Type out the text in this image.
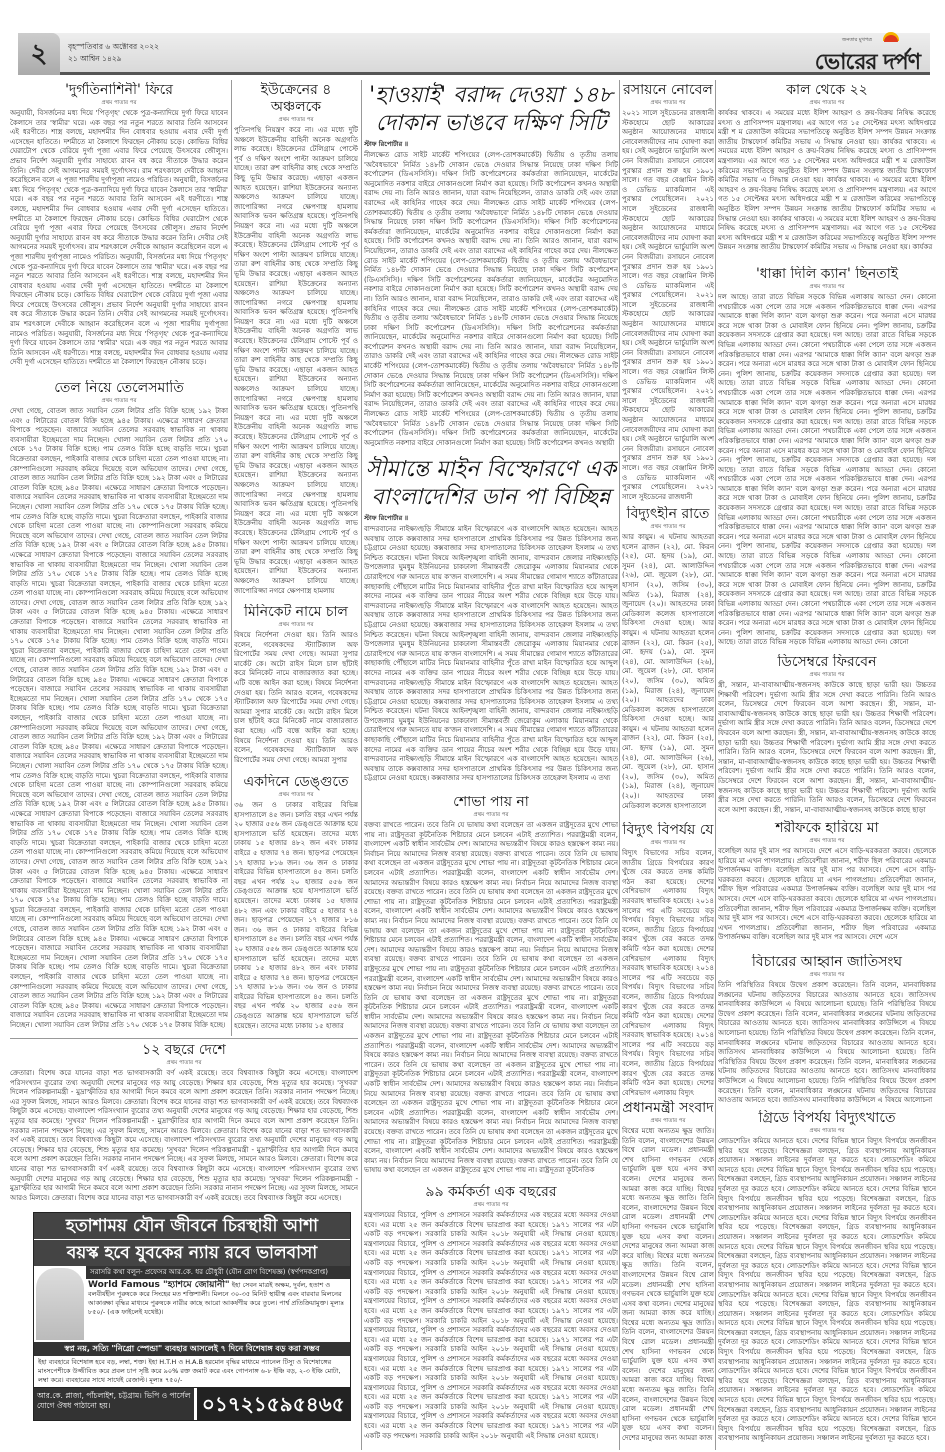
২	বৃহস্পতিবার ৬ অক্টোবর ২০২২
২১ আশ্বিন ১৪২৯
জনতার মুখপত্র
ভোরের দর্পণ
'দুর্গতিনাশিনী' ফিরে
প্রথম পাতার পর
অনুযায়ী, বিসর্জনের মধ্য দিয়ে 'পিতৃগৃহ' থেকে পুত্র-কন্যাদিয়ে দুর্গা ফিরে যাবেন কৈলাসে তার 'স্বামীর' ঘরে। এক বছর পর নতুন শরতে আবার তিনি আসবেন এই ধরণীতে। শাস্ত্র বলছে, মহাদশমীর দিন বোধবার হওয়ায় এবার দেবী দুর্গা এসেছেন হাতিতে। দশমীতে মা কৈলাশে ফিরছেন নৌকায় চড়ে। কোভিড বিধির ঘেরাটোপ থেকে বেরিয়ে দুর্গা পূজা এবার ফিরে পেয়েছে উৎসবের জৌলুস। প্রভাব নির্দেশ অনুযায়ী দুর্গার সাহায্যে রাবন বধ করে সীতাকে উদ্ধার করেন তিনি। দেবীর সেই আগমনের সময়ই দুর্গোৎসব। রাম শরৎকালে দেবীকে আহ্বান করেছিলেন বলে এ পূজা শারদীয় দুর্গাপূজা নামেও পরিচিত। অনুযায়ী, বিসর্জনের মধ্য দিয়ে 'পিতৃগৃহ' থেকে পুত্র-কন্যাদিয়ে দুর্গা ফিরে যাবেন কৈলাসে তার 'স্বামীর' ঘরে। এক বছর পর নতুন শরতে আবার তিনি আসবেন এই ধরণীতে। শাস্ত্র বলছে, মহাদশমীর দিন বোধবার হওয়ায় এবার দেবী দুর্গা এসেছেন হাতিতে। দশমীতে মা কৈলাশে ফিরছেন নৌকায় চড়ে। কোভিড বিধির ঘেরাটোপ থেকে বেরিয়ে দুর্গা পূজা এবার ফিরে পেয়েছে উৎসবের জৌলুস। প্রভাব নির্দেশ অনুযায়ী দুর্গার সাহায্যে রাবন বধ করে সীতাকে উদ্ধার করেন তিনি। দেবীর সেই আগমনের সময়ই দুর্গোৎসব। রাম শরৎকালে দেবীকে আহ্বান করেছিলেন বলে এ পূজা শারদীয় দুর্গাপূজা নামেও পরিচিত। অনুযায়ী, বিসর্জনের মধ্য দিয়ে 'পিতৃগৃহ' থেকে পুত্র-কন্যাদিয়ে দুর্গা ফিরে যাবেন কৈলাসে তার 'স্বামীর' ঘরে। এক বছর পর নতুন শরতে আবার তিনি আসবেন এই ধরণীতে। শাস্ত্র বলছে, মহাদশমীর দিন বোধবার হওয়ায় এবার দেবী দুর্গা এসেছেন হাতিতে। দশমীতে মা কৈলাশে ফিরছেন নৌকায় চড়ে। কোভিড বিধির ঘেরাটোপ থেকে বেরিয়ে দুর্গা পূজা এবার ফিরে পেয়েছে উৎসবের জৌলুস। প্রভাব নির্দেশ অনুযায়ী দুর্গার সাহায্যে রাবন বধ করে সীতাকে উদ্ধার করেন তিনি। দেবীর সেই আগমনের সময়ই দুর্গোৎসব। রাম শরৎকালে দেবীকে আহ্বান করেছিলেন বলে এ পূজা শারদীয় দুর্গাপূজা নামেও পরিচিত। অনুযায়ী, বিসর্জনের মধ্য দিয়ে 'পিতৃগৃহ' থেকে পুত্র-কন্যাদিয়ে দুর্গা ফিরে যাবেন কৈলাসে তার 'স্বামীর' ঘরে। এক বছর পর নতুন শরতে আবার তিনি আসবেন এই ধরণীতে। শাস্ত্র বলছে, মহাদশমীর দিন বোধবার হওয়ায় এবার দেবী দুর্গা এসেছেন হাতিতে। দশমীতে মা কৈলাশে ফিরছেন নৌকায় চড়ে।
ইউক্রেনের ৪ অঞ্চলকে
প্রথম পাতার পর
পুতিনপন্থি নিয়ন্ত্রণ করে না। এর মধ্যে দুটি অঞ্চলে ইউক্রেনীয় বাহিনী অনেক অগ্রগতি লাভ করেছে। ইউক্রেনের টেলিগ্রাম পোস্টে পূর্ব ও দক্ষিণ অংশে পাল্টা আক্রমণ চালিয়ে যাচ্ছে। তারা রুশ বাহিনীর কাছ থেকে সম্প্রতি কিছু ভূমি উদ্ধার করেছে। এছাড়া একজন আহত হয়েছেন। রাশিয়া ইউক্রেনের অন্যান্য অঞ্চলেও আক্রমণ চালিয়ে যাচ্ছে। জাপোরিজ্জা নগরে ক্ষেপণাস্ত্র হামলায় আবাসিক ভবন ক্ষতিগ্রস্ত হয়েছে। পুতিনপন্থি নিয়ন্ত্রণ করে না। এর মধ্যে দুটি অঞ্চলে ইউক্রেনীয় বাহিনী অনেক অগ্রগতি লাভ করেছে। ইউক্রেনের টেলিগ্রাম পোস্টে পূর্ব ও দক্ষিণ অংশে পাল্টা আক্রমণ চালিয়ে যাচ্ছে। তারা রুশ বাহিনীর কাছ থেকে সম্প্রতি কিছু ভূমি উদ্ধার করেছে। এছাড়া একজন আহত হয়েছেন। রাশিয়া ইউক্রেনের অন্যান্য অঞ্চলেও আক্রমণ চালিয়ে যাচ্ছে। জাপোরিজ্জা নগরে ক্ষেপণাস্ত্র হামলায় আবাসিক ভবন ক্ষতিগ্রস্ত হয়েছে। পুতিনপন্থি নিয়ন্ত্রণ করে না। এর মধ্যে দুটি অঞ্চলে ইউক্রেনীয় বাহিনী অনেক অগ্রগতি লাভ করেছে। ইউক্রেনের টেলিগ্রাম পোস্টে পূর্ব ও দক্ষিণ অংশে পাল্টা আক্রমণ চালিয়ে যাচ্ছে। তারা রুশ বাহিনীর কাছ থেকে সম্প্রতি কিছু ভূমি উদ্ধার করেছে। এছাড়া একজন আহত হয়েছেন। রাশিয়া ইউক্রেনের অন্যান্য অঞ্চলেও আক্রমণ চালিয়ে যাচ্ছে। জাপোরিজ্জা নগরে ক্ষেপণাস্ত্র হামলায় আবাসিক ভবন ক্ষতিগ্রস্ত হয়েছে। পুতিনপন্থি নিয়ন্ত্রণ করে না। এর মধ্যে দুটি অঞ্চলে ইউক্রেনীয় বাহিনী অনেক অগ্রগতি লাভ করেছে। ইউক্রেনের টেলিগ্রাম পোস্টে পূর্ব ও দক্ষিণ অংশে পাল্টা আক্রমণ চালিয়ে যাচ্ছে। তারা রুশ বাহিনীর কাছ থেকে সম্প্রতি কিছু ভূমি উদ্ধার করেছে। এছাড়া একজন আহত হয়েছেন। রাশিয়া ইউক্রেনের অন্যান্য অঞ্চলেও আক্রমণ চালিয়ে যাচ্ছে। জাপোরিজ্জা নগরে ক্ষেপণাস্ত্র হামলায় আবাসিক ভবন ক্ষতিগ্রস্ত হয়েছে। পুতিনপন্থি নিয়ন্ত্রণ করে না। এর মধ্যে দুটি অঞ্চলে ইউক্রেনীয় বাহিনী অনেক অগ্রগতি লাভ করেছে। ইউক্রেনের টেলিগ্রাম পোস্টে পূর্ব ও দক্ষিণ অংশে পাল্টা আক্রমণ চালিয়ে যাচ্ছে। তারা রুশ বাহিনীর কাছ থেকে সম্প্রতি কিছু ভূমি উদ্ধার করেছে। এছাড়া একজন আহত হয়েছেন। রাশিয়া ইউক্রেনের অন্যান্য অঞ্চলেও আক্রমণ চালিয়ে যাচ্ছে। জাপোরিজ্জা নগরে ক্ষেপণাস্ত্র হামলায়
তেল নিয়ে তেলেসমাতি
প্রথম পাতার পর
দেখা গেছে, বোতল জাত সয়াবিন তেল লিটার প্রতি বিক্রি হচ্ছে ১৯২ টাকা এবং ৫ লিটারের বোতল বিক্রি হচ্ছে ৯৪৫ টাকায়। এক্ষেত্রে সাধারণ ক্রেতারা বিপাকে পড়েছেন। বাজারে সয়াবিন তেলের সরবরাহ স্বাভাবিক না থাকায় ব্যবসায়ীরা ইচ্ছেমতো দাম নিচ্ছেন। খোলা সয়াবিন তেল লিটার প্রতি ১৭০ থেকে ১৭৫ টাকায় বিক্রি হচ্ছে। পাম তেলও বিক্রি হচ্ছে বাড়তি দামে। খুচরা বিক্রেতারা বলছেন, পাইকারি বাজার থেকে চাহিদা মতো তেল পাওয়া যাচ্ছে না। কোম্পানিগুলো সরবরাহ কমিয়ে দিয়েছে বলে অভিযোগ তাদের। দেখা গেছে, বোতল জাত সয়াবিন তেল লিটার প্রতি বিক্রি হচ্ছে ১৯২ টাকা এবং ৫ লিটারের বোতল বিক্রি হচ্ছে ৯৪৫ টাকায়। এক্ষেত্রে সাধারণ ক্রেতারা বিপাকে পড়েছেন। বাজারে সয়াবিন তেলের সরবরাহ স্বাভাবিক না থাকায় ব্যবসায়ীরা ইচ্ছেমতো দাম নিচ্ছেন। খোলা সয়াবিন তেল লিটার প্রতি ১৭০ থেকে ১৭৫ টাকায় বিক্রি হচ্ছে। পাম তেলও বিক্রি হচ্ছে বাড়তি দামে। খুচরা বিক্রেতারা বলছেন, পাইকারি বাজার থেকে চাহিদা মতো তেল পাওয়া যাচ্ছে না। কোম্পানিগুলো সরবরাহ কমিয়ে দিয়েছে বলে অভিযোগ তাদের। দেখা গেছে, বোতল জাত সয়াবিন তেল লিটার প্রতি বিক্রি হচ্ছে ১৯২ টাকা এবং ৫ লিটারের বোতল বিক্রি হচ্ছে ৯৪৫ টাকায়। এক্ষেত্রে সাধারণ ক্রেতারা বিপাকে পড়েছেন। বাজারে সয়াবিন তেলের সরবরাহ স্বাভাবিক না থাকায় ব্যবসায়ীরা ইচ্ছেমতো দাম নিচ্ছেন। খোলা সয়াবিন তেল লিটার প্রতি ১৭০ থেকে ১৭৫ টাকায় বিক্রি হচ্ছে। পাম তেলও বিক্রি হচ্ছে বাড়তি দামে। খুচরা বিক্রেতারা বলছেন, পাইকারি বাজার থেকে চাহিদা মতো তেল পাওয়া যাচ্ছে না। কোম্পানিগুলো সরবরাহ কমিয়ে দিয়েছে বলে অভিযোগ তাদের। দেখা গেছে, বোতল জাত সয়াবিন তেল লিটার প্রতি বিক্রি হচ্ছে ১৯২ টাকা এবং ৫ লিটারের বোতল বিক্রি হচ্ছে ৯৪৫ টাকায়। এক্ষেত্রে সাধারণ ক্রেতারা বিপাকে পড়েছেন। বাজারে সয়াবিন তেলের সরবরাহ স্বাভাবিক না থাকায় ব্যবসায়ীরা ইচ্ছেমতো দাম নিচ্ছেন। খোলা সয়াবিন তেল লিটার প্রতি ১৭০ থেকে ১৭৫ টাকায় বিক্রি হচ্ছে। পাম তেলও বিক্রি হচ্ছে বাড়তি দামে। খুচরা বিক্রেতারা বলছেন, পাইকারি বাজার থেকে চাহিদা মতো তেল পাওয়া যাচ্ছে না। কোম্পানিগুলো সরবরাহ কমিয়ে দিয়েছে বলে অভিযোগ তাদের। দেখা গেছে, বোতল জাত সয়াবিন তেল লিটার প্রতি বিক্রি হচ্ছে ১৯২ টাকা এবং ৫ লিটারের বোতল বিক্রি হচ্ছে ৯৪৫ টাকায়। এক্ষেত্রে সাধারণ ক্রেতারা বিপাকে পড়েছেন। বাজারে সয়াবিন তেলের সরবরাহ স্বাভাবিক না থাকায় ব্যবসায়ীরা ইচ্ছেমতো দাম নিচ্ছেন। খোলা সয়াবিন তেল লিটার প্রতি ১৭০ থেকে ১৭৫ টাকায় বিক্রি হচ্ছে। পাম তেলও বিক্রি হচ্ছে বাড়তি দামে। খুচরা বিক্রেতারা বলছেন, পাইকারি বাজার থেকে চাহিদা মতো তেল পাওয়া যাচ্ছে না। কোম্পানিগুলো সরবরাহ কমিয়ে দিয়েছে বলে অভিযোগ তাদের। দেখা গেছে, বোতল জাত সয়াবিন তেল লিটার প্রতি বিক্রি হচ্ছে ১৯২ টাকা এবং ৫ লিটারের বোতল বিক্রি হচ্ছে ৯৪৫ টাকায়। এক্ষেত্রে সাধারণ ক্রেতারা বিপাকে পড়েছেন। বাজারে সয়াবিন তেলের সরবরাহ স্বাভাবিক না থাকায় ব্যবসায়ীরা ইচ্ছেমতো দাম নিচ্ছেন। খোলা সয়াবিন তেল লিটার প্রতি ১৭০ থেকে ১৭৫ টাকায় বিক্রি হচ্ছে। পাম তেলও বিক্রি হচ্ছে বাড়তি দামে। খুচরা বিক্রেতারা বলছেন, পাইকারি বাজার থেকে চাহিদা মতো তেল পাওয়া যাচ্ছে না। কোম্পানিগুলো সরবরাহ কমিয়ে দিয়েছে বলে অভিযোগ তাদের। দেখা গেছে, বোতল জাত সয়াবিন তেল লিটার প্রতি বিক্রি হচ্ছে ১৯২ টাকা এবং ৫ লিটারের বোতল বিক্রি হচ্ছে ৯৪৫ টাকায়। এক্ষেত্রে সাধারণ ক্রেতারা বিপাকে পড়েছেন। বাজারে সয়াবিন তেলের সরবরাহ স্বাভাবিক না থাকায় ব্যবসায়ীরা ইচ্ছেমতো দাম নিচ্ছেন। খোলা সয়াবিন তেল লিটার প্রতি ১৭০ থেকে ১৭৫ টাকায় বিক্রি হচ্ছে। পাম তেলও বিক্রি হচ্ছে বাড়তি দামে। খুচরা বিক্রেতারা বলছেন, পাইকারি বাজার থেকে চাহিদা মতো তেল পাওয়া যাচ্ছে না। কোম্পানিগুলো সরবরাহ কমিয়ে দিয়েছে বলে অভিযোগ তাদের। দেখা গেছে, বোতল জাত সয়াবিন তেল লিটার প্রতি বিক্রি হচ্ছে ১৯২ টাকা এবং ৫ লিটারের বোতল বিক্রি হচ্ছে ৯৪৫ টাকায়। এক্ষেত্রে সাধারণ ক্রেতারা বিপাকে পড়েছেন। বাজারে সয়াবিন তেলের সরবরাহ স্বাভাবিক না থাকায় ব্যবসায়ীরা ইচ্ছেমতো দাম নিচ্ছেন। খোলা সয়াবিন তেল লিটার প্রতি ১৭০ থেকে ১৭৫ টাকায় বিক্রি হচ্ছে। পাম তেলও বিক্রি হচ্ছে বাড়তি দামে। খুচরা বিক্রেতারা বলছেন, পাইকারি বাজার থেকে চাহিদা মতো তেল পাওয়া যাচ্ছে না। কোম্পানিগুলো সরবরাহ কমিয়ে দিয়েছে বলে অভিযোগ তাদের। দেখা গেছে, বোতল জাত সয়াবিন তেল লিটার প্রতি বিক্রি হচ্ছে ১৯২ টাকা এবং ৫ লিটারের বোতল বিক্রি হচ্ছে ৯৪৫ টাকায়। এক্ষেত্রে সাধারণ ক্রেতারা বিপাকে পড়েছেন। বাজারে সয়াবিন তেলের সরবরাহ স্বাভাবিক না থাকায় ব্যবসায়ীরা ইচ্ছেমতো দাম নিচ্ছেন। খোলা সয়াবিন তেল লিটার প্রতি ১৭০ থেকে ১৭৫ টাকায় বিক্রি হচ্ছে। পাম তেলও বিক্রি হচ্ছে বাড়তি দামে। খুচরা বিক্রেতারা বলছেন, পাইকারি বাজার থেকে চাহিদা মতো তেল পাওয়া যাচ্ছে না। কোম্পানিগুলো সরবরাহ কমিয়ে দিয়েছে বলে অভিযোগ তাদের। দেখা গেছে, বোতল জাত সয়াবিন তেল লিটার প্রতি বিক্রি হচ্ছে ১৯২ টাকা এবং ৫ লিটারের বোতল বিক্রি হচ্ছে ৯৪৫ টাকায়। এক্ষেত্রে সাধারণ ক্রেতারা বিপাকে পড়েছেন। বাজারে সয়াবিন তেলের সরবরাহ স্বাভাবিক না থাকায় ব্যবসায়ীরা ইচ্ছেমতো দাম নিচ্ছেন। খোলা সয়াবিন তেল লিটার প্রতি ১৭০ থেকে ১৭৫ টাকায় বিক্রি হচ্ছে।
মিনিকেট নামে চাল
প্রথম পাতার পর
বিষয়ে নির্দেশনা দেওয়া হয়। তিনি আরও বলেন, গবেষকদের স্ট্যাটিক্যাল অফ রিপোর্টের সময় দেখা গেছে। আমরা সুপার মার্কেট কে। অটো রাইস মিলে চাল ছাঁটাই করে মিনিকেট নামে বাজারজাত করা হচ্ছে। এটি বন্ধে আইন করা হচ্ছে। বিষয়ে নির্দেশনা দেওয়া হয়। তিনি আরও বলেন, গবেষকদের স্ট্যাটিক্যাল অফ রিপোর্টের সময় দেখা গেছে। আমরা সুপার মার্কেট কে। অটো রাইস মিলে চাল ছাঁটাই করে মিনিকেট নামে বাজারজাত করা হচ্ছে। এটি বন্ধে আইন করা হচ্ছে। বিষয়ে নির্দেশনা দেওয়া হয়। তিনি আরও বলেন, গবেষকদের স্ট্যাটিক্যাল অফ রিপোর্টের সময় দেখা গেছে। আমরা সুপার
একদিনে ডেঙ্গুতে
প্রথম পাতার পর
৩৬ জন ও ঢাকার বাইরের বিভিন্ন হাসপাতালে ৪৫ জন। চলতি বছর এখন পর্যন্ত ২০ হাজার ৫৫৬ জন ডেঙ্গুতে আক্রান্ত হয়ে হাসপাতালে ভর্তি হয়েছেন। তাদের মধ্যে ঢাকায় ১৫ হাজার ৪৮২ জন এবং ঢাকার বাইরে ৫ হাজার ৭৪ জন। ছাড়পত্র পেয়েছেন ১৭ হাজার ৮১৬ জন। ৩৬ জন ও ঢাকার বাইরের বিভিন্ন হাসপাতালে ৪৫ জন। চলতি বছর এখন পর্যন্ত ২০ হাজার ৫৫৬ জন ডেঙ্গুতে আক্রান্ত হয়ে হাসপাতালে ভর্তি হয়েছেন। তাদের মধ্যে ঢাকায় ১৫ হাজার ৪৮২ জন এবং ঢাকার বাইরে ৫ হাজার ৭৪ জন। ছাড়পত্র পেয়েছেন ১৭ হাজার ৮১৬ জন। ৩৬ জন ও ঢাকার বাইরের বিভিন্ন হাসপাতালে ৪৫ জন। চলতি বছর এখন পর্যন্ত ২০ হাজার ৫৫৬ জন ডেঙ্গুতে আক্রান্ত হয়ে হাসপাতালে ভর্তি হয়েছেন। তাদের মধ্যে ঢাকায় ১৫ হাজার ৪৮২ জন এবং ঢাকার বাইরে ৫ হাজার ৭৪ জন। ছাড়পত্র পেয়েছেন ১৭ হাজার ৮১৬ জন। ৩৬ জন ও ঢাকার বাইরের বিভিন্ন হাসপাতালে ৪৫ জন। চলতি বছর এখন পর্যন্ত ২০ হাজার ৫৫৬ জন ডেঙ্গুতে আক্রান্ত হয়ে হাসপাতালে ভর্তি হয়েছেন। তাদের মধ্যে ঢাকায় ১৫ হাজার
১২ বছরে দেশে
প্রথম পাতার পর
ক্রেতারা। বিশেষ করে যানের বাড়া শত ভাগবাসকারী বর্ণ একই রয়েছে। তবে বিশ্বব্যাংক কিছুটা কমে এসেছে। বাংলাদেশ পরিসংখ্যান ব্যুরোর তথ্য অনুযায়ী দেশের মানুষের গড় আয়ু বেড়েছে। শিক্ষার হার বেড়েছে, শিশু মৃত্যুর হার কমেছে। 'সুখবর' দিলেন পরিকল্পনামন্ত্রী - মুদ্রাস্ফীতির হার আগামী দিনে কমবে বলে আশা প্রকাশ করেছেন তিনি। সরকার নানান পদক্ষেপ নিচ্ছে। এর সুফল মিলছে, সামনে আরও মিলবে। ক্রেতারা। বিশেষ করে যানের বাড়া শত ভাগবাসকারী বর্ণ একই রয়েছে। তবে বিশ্বব্যাংক কিছুটা কমে এসেছে। বাংলাদেশ পরিসংখ্যান ব্যুরোর তথ্য অনুযায়ী দেশের মানুষের গড় আয়ু বেড়েছে। শিক্ষার হার বেড়েছে, শিশু মৃত্যুর হার কমেছে। 'সুখবর' দিলেন পরিকল্পনামন্ত্রী - মুদ্রাস্ফীতির হার আগামী দিনে কমবে বলে আশা প্রকাশ করেছেন তিনি। সরকার নানান পদক্ষেপ নিচ্ছে। এর সুফল মিলছে, সামনে আরও মিলবে। ক্রেতারা। বিশেষ করে যানের বাড়া শত ভাগবাসকারী বর্ণ একই রয়েছে। তবে বিশ্বব্যাংক কিছুটা কমে এসেছে। বাংলাদেশ পরিসংখ্যান ব্যুরোর তথ্য অনুযায়ী দেশের মানুষের গড় আয়ু বেড়েছে। শিক্ষার হার বেড়েছে, শিশু মৃত্যুর হার কমেছে। 'সুখবর' দিলেন পরিকল্পনামন্ত্রী - মুদ্রাস্ফীতির হার আগামী দিনে কমবে বলে আশা প্রকাশ করেছেন তিনি। সরকার নানান পদক্ষেপ নিচ্ছে। এর সুফল মিলছে, সামনে আরও মিলবে। ক্রেতারা। বিশেষ করে যানের বাড়া শত ভাগবাসকারী বর্ণ একই রয়েছে। তবে বিশ্বব্যাংক কিছুটা কমে এসেছে। বাংলাদেশ পরিসংখ্যান ব্যুরোর তথ্য অনুযায়ী দেশের মানুষের গড় আয়ু বেড়েছে। শিক্ষার হার বেড়েছে, শিশু মৃত্যুর হার কমেছে। 'সুখবর' দিলেন পরিকল্পনামন্ত্রী - মুদ্রাস্ফীতির হার আগামী দিনে কমবে বলে আশা প্রকাশ করেছেন তিনি। সরকার নানান পদক্ষেপ নিচ্ছে। এর সুফল মিলছে, সামনে আরও মিলবে। ক্রেতারা। বিশেষ করে যানের বাড়া শত ভাগবাসকারী বর্ণ একই রয়েছে। তবে বিশ্বব্যাংক কিছুটা কমে এসেছে।
'হাওয়াই' বরাদ্দ দেওয়া ১৪৮ দোকান ভাঙবে দক্ষিণ সিটি
স্টাফ রিপোর্টার ॥
নীলক্ষেত রোড সাইট মার্কেট শপিংয়ের (লেপ-তোশকমার্কেট) দ্বিতীয় ও তৃতীয় তলায় 'অবৈধভাবে' নির্মিত ১৪৮টি দোকান ভেঙে দেওয়ার সিদ্ধান্ত নিয়েছে ঢাকা দক্ষিণ সিটি কর্পোরেশন (ডিএসসিসি)। দক্ষিণ সিটি কর্পোরেশনের কর্মকর্তারা জানিয়েছেন, মার্কেটের অনুমোদিত নকশার বাইরে দোকানগুলো নির্মাণ করা হয়েছে। সিটি কর্পোরেশন কখনও অস্থায়ী বরাদ্দ দেয় না। তিনি আরও জানান, যারা বরাদ্দ নিয়েছিলেন, তারাও ডাকরি দেই এবং তারা বরাদ্দের এই কাহিনির গাহেব করে দেয়। নীলক্ষেত রোড সাইট মার্কেট শপিংয়ের (লেপ-তোশকমার্কেট) দ্বিতীয় ও তৃতীয় তলায় 'অবৈধভাবে' নির্মিত ১৪৮টি দোকান ভেঙে দেওয়ার সিদ্ধান্ত নিয়েছে ঢাকা দক্ষিণ সিটি কর্পোরেশন (ডিএসসিসি)। দক্ষিণ সিটি কর্পোরেশনের কর্মকর্তারা জানিয়েছেন, মার্কেটের অনুমোদিত নকশার বাইরে দোকানগুলো নির্মাণ করা হয়েছে। সিটি কর্পোরেশন কখনও অস্থায়ী বরাদ্দ দেয় না। তিনি আরও জানান, যারা বরাদ্দ নিয়েছিলেন, তারাও ডাকরি দেই এবং তারা বরাদ্দের এই কাহিনির গাহেব করে দেয়। নীলক্ষেত রোড সাইট মার্কেট শপিংয়ের (লেপ-তোশকমার্কেট) দ্বিতীয় ও তৃতীয় তলায় 'অবৈধভাবে' নির্মিত ১৪৮টি দোকান ভেঙে দেওয়ার সিদ্ধান্ত নিয়েছে ঢাকা দক্ষিণ সিটি কর্পোরেশন (ডিএসসিসি)। দক্ষিণ সিটি কর্পোরেশনের কর্মকর্তারা জানিয়েছেন, মার্কেটের অনুমোদিত নকশার বাইরে দোকানগুলো নির্মাণ করা হয়েছে। সিটি কর্পোরেশন কখনও অস্থায়ী বরাদ্দ দেয় না। তিনি আরও জানান, যারা বরাদ্দ নিয়েছিলেন, তারাও ডাকরি দেই এবং তারা বরাদ্দের এই কাহিনির গাহেব করে দেয়। নীলক্ষেত রোড সাইট মার্কেট শপিংয়ের (লেপ-তোশকমার্কেট) দ্বিতীয় ও তৃতীয় তলায় 'অবৈধভাবে' নির্মিত ১৪৮টি দোকান ভেঙে দেওয়ার সিদ্ধান্ত নিয়েছে ঢাকা দক্ষিণ সিটি কর্পোরেশন (ডিএসসিসি)। দক্ষিণ সিটি কর্পোরেশনের কর্মকর্তারা জানিয়েছেন, মার্কেটের অনুমোদিত নকশার বাইরে দোকানগুলো নির্মাণ করা হয়েছে। সিটি কর্পোরেশন কখনও অস্থায়ী বরাদ্দ দেয় না। তিনি আরও জানান, যারা বরাদ্দ নিয়েছিলেন, তারাও ডাকরি দেই এবং তারা বরাদ্দের এই কাহিনির গাহেব করে দেয়। নীলক্ষেত রোড সাইট মার্কেট শপিংয়ের (লেপ-তোশকমার্কেট) দ্বিতীয় ও তৃতীয় তলায় 'অবৈধভাবে' নির্মিত ১৪৮টি দোকান ভেঙে দেওয়ার সিদ্ধান্ত নিয়েছে ঢাকা দক্ষিণ সিটি কর্পোরেশন (ডিএসসিসি)। দক্ষিণ সিটি কর্পোরেশনের কর্মকর্তারা জানিয়েছেন, মার্কেটের অনুমোদিত নকশার বাইরে দোকানগুলো নির্মাণ করা হয়েছে। সিটি কর্পোরেশন কখনও অস্থায়ী বরাদ্দ দেয় না। তিনি আরও জানান, যারা বরাদ্দ নিয়েছিলেন, তারাও ডাকরি দেই এবং তারা বরাদ্দের এই কাহিনির গাহেব করে দেয়। নীলক্ষেত রোড সাইট মার্কেট শপিংয়ের (লেপ-তোশকমার্কেট) দ্বিতীয় ও তৃতীয় তলায় 'অবৈধভাবে' নির্মিত ১৪৮টি দোকান ভেঙে দেওয়ার সিদ্ধান্ত নিয়েছে ঢাকা দক্ষিণ সিটি কর্পোরেশন (ডিএসসিসি)। দক্ষিণ সিটি কর্পোরেশনের কর্মকর্তারা জানিয়েছেন, মার্কেটের অনুমোদিত নকশার বাইরে দোকানগুলো নির্মাণ করা হয়েছে। সিটি কর্পোরেশন কখনও অস্থায়ী
সীমান্তে মাইন বিস্ফোরণে এক বাংলাদেশির ডান পা বিচ্ছিন্ন
স্টাফ রিপোর্টার ॥
বান্দরবানের নাইক্ষ্যংছড়ি সীমান্তে মাইন বিস্ফোরণে এক বাংলাদেশি আহত হয়েছেন। আহত অবস্থায় তাকে কক্সবাজার সদর হাসপাতালে প্রাথমিক চিকিৎসার পর উন্নত চিকিৎসার জন্য চট্টগ্রামে নেওয়া হয়েছে। কক্সবাজার সদর হাসপাতালের চিকিৎসক তাহেরুল ইসলাম এ তথ্য নিশ্চিত করেছেন। ঘটনা বিষয়ে আইনশৃঙ্খলা বাহিনী জানায়, বান্দরবান জেলার নাইক্ষ্যংছড়ি উপজেলার ঘুমধুম ইউনিয়নের চাকঢালা সীমান্তবর্তী জেরোকুম এলাকায় মিয়ানমার থেকে চোরাইপথে গরু আনতে যায় ক'জন বাংলাদেশি। এ সময় সীমান্তের গোমাগ শ্যাতে কাঁটাতারের কাছাকাছি পৌঁছালে মাটির নিচে মিয়ানমার বাহিনীর পুঁতে রাখা মাইন বিস্ফোরিত হয়ে আব্দুল কাদের নামের এক ব্যক্তির ডান পায়ের নীচের অংশ শরীর থেকে বিচ্ছিন্ন হয়ে উড়ে যায়। বান্দরবানের নাইক্ষ্যংছড়ি সীমান্তে মাইন বিস্ফোরণে এক বাংলাদেশি আহত হয়েছেন। আহত অবস্থায় তাকে কক্সবাজার সদর হাসপাতালে প্রাথমিক চিকিৎসার পর উন্নত চিকিৎসার জন্য চট্টগ্রামে নেওয়া হয়েছে। কক্সবাজার সদর হাসপাতালের চিকিৎসক তাহেরুল ইসলাম এ তথ্য নিশ্চিত করেছেন। ঘটনা বিষয়ে আইনশৃঙ্খলা বাহিনী জানায়, বান্দরবান জেলার নাইক্ষ্যংছড়ি উপজেলার ঘুমধুম ইউনিয়নের চাকঢালা সীমান্তবর্তী জেরোকুম এলাকায় মিয়ানমার থেকে চোরাইপথে গরু আনতে যায় ক'জন বাংলাদেশি। এ সময় সীমান্তের গোমাগ শ্যাতে কাঁটাতারের কাছাকাছি পৌঁছালে মাটির নিচে মিয়ানমার বাহিনীর পুঁতে রাখা মাইন বিস্ফোরিত হয়ে আব্দুল কাদের নামের এক ব্যক্তির ডান পায়ের নীচের অংশ শরীর থেকে বিচ্ছিন্ন হয়ে উড়ে যায়। বান্দরবানের নাইক্ষ্যংছড়ি সীমান্তে মাইন বিস্ফোরণে এক বাংলাদেশি আহত হয়েছেন। আহত অবস্থায় তাকে কক্সবাজার সদর হাসপাতালে প্রাথমিক চিকিৎসার পর উন্নত চিকিৎসার জন্য চট্টগ্রামে নেওয়া হয়েছে। কক্সবাজার সদর হাসপাতালের চিকিৎসক তাহেরুল ইসলাম এ তথ্য নিশ্চিত করেছেন। ঘটনা বিষয়ে আইনশৃঙ্খলা বাহিনী জানায়, বান্দরবান জেলার নাইক্ষ্যংছড়ি উপজেলার ঘুমধুম ইউনিয়নের চাকঢালা সীমান্তবর্তী জেরোকুম এলাকায় মিয়ানমার থেকে চোরাইপথে গরু আনতে যায় ক'জন বাংলাদেশি। এ সময় সীমান্তের গোমাগ শ্যাতে কাঁটাতারের কাছাকাছি পৌঁছালে মাটির নিচে মিয়ানমার বাহিনীর পুঁতে রাখা মাইন বিস্ফোরিত হয়ে আব্দুল কাদের নামের এক ব্যক্তির ডান পায়ের নীচের অংশ শরীর থেকে বিচ্ছিন্ন হয়ে উড়ে যায়। বান্দরবানের নাইক্ষ্যংছড়ি সীমান্তে মাইন বিস্ফোরণে এক বাংলাদেশি আহত হয়েছেন। আহত অবস্থায় তাকে কক্সবাজার সদর হাসপাতালে প্রাথমিক চিকিৎসার পর উন্নত চিকিৎসার জন্য চট্টগ্রামে নেওয়া হয়েছে। কক্সবাজার সদর হাসপাতালের চিকিৎসক তাহেরুল ইসলাম এ তথ্য
শোভা পায় না
প্রথম পাতার পর
বক্তব্য রাখতে পারেন। তবে তিনি যে ভাষায় কথা বলেছেন তা একজন রাষ্ট্রদূতের মুখে শোভা পায় না। রাষ্ট্রদূতরা কূটনৈতিক শিষ্টাচার মেনে চলবেন এটাই প্রত্যাশিত। পররাষ্ট্রমন্ত্রী বলেন, বাংলাদেশ একটি স্বাধীন সার্বভৌম দেশ। আমাদের অভ্যন্তরীণ বিষয়ে কারও হস্তক্ষেপ কাম্য নয়। নির্বাচন নিয়ে আমাদের নিজস্ব ব্যবস্থা রয়েছে। বক্তব্য রাখতে পারেন। তবে তিনি যে ভাষায় কথা বলেছেন তা একজন রাষ্ট্রদূতের মুখে শোভা পায় না। রাষ্ট্রদূতরা কূটনৈতিক শিষ্টাচার মেনে চলবেন এটাই প্রত্যাশিত। পররাষ্ট্রমন্ত্রী বলেন, বাংলাদেশ একটি স্বাধীন সার্বভৌম দেশ। আমাদের অভ্যন্তরীণ বিষয়ে কারও হস্তক্ষেপ কাম্য নয়। নির্বাচন নিয়ে আমাদের নিজস্ব ব্যবস্থা রয়েছে। বক্তব্য রাখতে পারেন। তবে তিনি যে ভাষায় কথা বলেছেন তা একজন রাষ্ট্রদূতের মুখে শোভা পায় না। রাষ্ট্রদূতরা কূটনৈতিক শিষ্টাচার মেনে চলবেন এটাই প্রত্যাশিত। পররাষ্ট্রমন্ত্রী বলেন, বাংলাদেশ একটি স্বাধীন সার্বভৌম দেশ। আমাদের অভ্যন্তরীণ বিষয়ে কারও হস্তক্ষেপ কাম্য নয়। নির্বাচন নিয়ে আমাদের নিজস্ব ব্যবস্থা রয়েছে। বক্তব্য রাখতে পারেন। তবে তিনি যে ভাষায় কথা বলেছেন তা একজন রাষ্ট্রদূতের মুখে শোভা পায় না। রাষ্ট্রদূতরা কূটনৈতিক শিষ্টাচার মেনে চলবেন এটাই প্রত্যাশিত। পররাষ্ট্রমন্ত্রী বলেন, বাংলাদেশ একটি স্বাধীন সার্বভৌম দেশ। আমাদের অভ্যন্তরীণ বিষয়ে কারও হস্তক্ষেপ কাম্য নয়। নির্বাচন নিয়ে আমাদের নিজস্ব ব্যবস্থা রয়েছে। বক্তব্য রাখতে পারেন। তবে তিনি যে ভাষায় কথা বলেছেন তা একজন রাষ্ট্রদূতের মুখে শোভা পায় না। রাষ্ট্রদূতরা কূটনৈতিক শিষ্টাচার মেনে চলবেন এটাই প্রত্যাশিত। পররাষ্ট্রমন্ত্রী বলেন, বাংলাদেশ একটি স্বাধীন সার্বভৌম দেশ। আমাদের অভ্যন্তরীণ বিষয়ে কারও হস্তক্ষেপ কাম্য নয়। নির্বাচন নিয়ে আমাদের নিজস্ব ব্যবস্থা রয়েছে। বক্তব্য রাখতে পারেন। তবে তিনি যে ভাষায় কথা বলেছেন তা একজন রাষ্ট্রদূতের মুখে শোভা পায় না। রাষ্ট্রদূতরা কূটনৈতিক শিষ্টাচার মেনে চলবেন এটাই প্রত্যাশিত। পররাষ্ট্রমন্ত্রী বলেন, বাংলাদেশ একটি স্বাধীন সার্বভৌম দেশ। আমাদের অভ্যন্তরীণ বিষয়ে কারও হস্তক্ষেপ কাম্য নয়। নির্বাচন নিয়ে আমাদের নিজস্ব ব্যবস্থা রয়েছে। বক্তব্য রাখতে পারেন। তবে তিনি যে ভাষায় কথা বলেছেন তা একজন রাষ্ট্রদূতের মুখে শোভা পায় না। রাষ্ট্রদূতরা কূটনৈতিক শিষ্টাচার মেনে চলবেন এটাই প্রত্যাশিত। পররাষ্ট্রমন্ত্রী বলেন, বাংলাদেশ একটি স্বাধীন সার্বভৌম দেশ। আমাদের অভ্যন্তরীণ বিষয়ে কারও হস্তক্ষেপ কাম্য নয়। নির্বাচন নিয়ে আমাদের নিজস্ব ব্যবস্থা রয়েছে। বক্তব্য রাখতে পারেন। তবে তিনি যে ভাষায় কথা বলেছেন তা একজন রাষ্ট্রদূতের মুখে শোভা পায় না। রাষ্ট্রদূতরা কূটনৈতিক শিষ্টাচার মেনে চলবেন এটাই প্রত্যাশিত। পররাষ্ট্রমন্ত্রী বলেন, বাংলাদেশ একটি স্বাধীন সার্বভৌম দেশ। আমাদের অভ্যন্তরীণ বিষয়ে কারও হস্তক্ষেপ কাম্য নয়। নির্বাচন নিয়ে আমাদের নিজস্ব ব্যবস্থা রয়েছে। বক্তব্য রাখতে পারেন। তবে তিনি যে ভাষায় কথা বলেছেন তা একজন রাষ্ট্রদূতের মুখে শোভা পায় না। রাষ্ট্রদূতরা কূটনৈতিক শিষ্টাচার মেনে চলবেন এটাই প্রত্যাশিত। পররাষ্ট্রমন্ত্রী বলেন, বাংলাদেশ একটি স্বাধীন সার্বভৌম দেশ। আমাদের অভ্যন্তরীণ বিষয়ে কারও হস্তক্ষেপ কাম্য নয়। নির্বাচন নিয়ে আমাদের নিজস্ব ব্যবস্থা রয়েছে। বক্তব্য রাখতে পারেন। তবে তিনি যে ভাষায় কথা বলেছেন তা একজন রাষ্ট্রদূতের মুখে শোভা পায় না। রাষ্ট্রদূতরা কূটনৈতিক শিষ্টাচার মেনে চলবেন এটাই প্রত্যাশিত। পররাষ্ট্রমন্ত্রী বলেন, বাংলাদেশ একটি স্বাধীন সার্বভৌম দেশ। আমাদের অভ্যন্তরীণ বিষয়ে কারও হস্তক্ষেপ কাম্য নয়। নির্বাচন নিয়ে আমাদের নিজস্ব ব্যবস্থা রয়েছে। বক্তব্য রাখতে পারেন। তবে তিনি যে ভাষায় কথা বলেছেন তা একজন রাষ্ট্রদূতের মুখে শোভা পায় না। রাষ্ট্রদূতরা কূটনৈতিক
৯৯ কর্মকর্তা এক বছরের
প্রথম পাতার পর
মন্ত্রণালয়ের বিচারে, পুলিশ ও প্রশাসনে সরকারি কর্মকর্তাদের এক বছরের মধ্যে অবসর দেওয়া হবে। এর মধ্যে ২৫ জন কর্মকর্তাকে বিশেষ ভারপ্রাপ্ত করা হয়েছে। ১৯৭১ সালের পর এটা একটি বড় পদক্ষেপ। সরকারি চাকরি আইন ২০১৮ অনুযায়ী এই সিদ্ধান্ত নেওয়া হয়েছে। মন্ত্রণালয়ের বিচারে, পুলিশ ও প্রশাসনে সরকারি কর্মকর্তাদের এক বছরের মধ্যে অবসর দেওয়া হবে। এর মধ্যে ২৫ জন কর্মকর্তাকে বিশেষ ভারপ্রাপ্ত করা হয়েছে। ১৯৭১ সালের পর এটা একটি বড় পদক্ষেপ। সরকারি চাকরি আইন ২০১৮ অনুযায়ী এই সিদ্ধান্ত নেওয়া হয়েছে। মন্ত্রণালয়ের বিচারে, পুলিশ ও প্রশাসনে সরকারি কর্মকর্তাদের এক বছরের মধ্যে অবসর দেওয়া হবে। এর মধ্যে ২৫ জন কর্মকর্তাকে বিশেষ ভারপ্রাপ্ত করা হয়েছে। ১৯৭১ সালের পর এটা একটি বড় পদক্ষেপ। সরকারি চাকরি আইন ২০১৮ অনুযায়ী এই সিদ্ধান্ত নেওয়া হয়েছে। মন্ত্রণালয়ের বিচারে, পুলিশ ও প্রশাসনে সরকারি কর্মকর্তাদের এক বছরের মধ্যে অবসর দেওয়া হবে। এর মধ্যে ২৫ জন কর্মকর্তাকে বিশেষ ভারপ্রাপ্ত করা হয়েছে। ১৯৭১ সালের পর এটা একটি বড় পদক্ষেপ। সরকারি চাকরি আইন ২০১৮ অনুযায়ী এই সিদ্ধান্ত নেওয়া হয়েছে। মন্ত্রণালয়ের বিচারে, পুলিশ ও প্রশাসনে সরকারি কর্মকর্তাদের এক বছরের মধ্যে অবসর দেওয়া হবে। এর মধ্যে ২৫ জন কর্মকর্তাকে বিশেষ ভারপ্রাপ্ত করা হয়েছে। ১৯৭১ সালের পর এটা একটি বড় পদক্ষেপ। সরকারি চাকরি আইন ২০১৮ অনুযায়ী এই সিদ্ধান্ত নেওয়া হয়েছে। মন্ত্রণালয়ের বিচারে, পুলিশ ও প্রশাসনে সরকারি কর্মকর্তাদের এক বছরের মধ্যে অবসর দেওয়া হবে। এর মধ্যে ২৫ জন কর্মকর্তাকে বিশেষ ভারপ্রাপ্ত করা হয়েছে। ১৯৭১ সালের পর এটা একটি বড় পদক্ষেপ। সরকারি চাকরি আইন ২০১৮ অনুযায়ী এই সিদ্ধান্ত নেওয়া হয়েছে। মন্ত্রণালয়ের বিচারে, পুলিশ ও প্রশাসনে সরকারি কর্মকর্তাদের এক বছরের মধ্যে অবসর দেওয়া হবে। এর মধ্যে ২৫ জন কর্মকর্তাকে বিশেষ ভারপ্রাপ্ত করা হয়েছে। ১৯৭১ সালের পর এটা একটি বড় পদক্ষেপ। সরকারি চাকরি আইন ২০১৮ অনুযায়ী এই সিদ্ধান্ত নেওয়া হয়েছে। মন্ত্রণালয়ের বিচারে, পুলিশ ও প্রশাসনে সরকারি কর্মকর্তাদের এক বছরের মধ্যে অবসর দেওয়া হবে। এর মধ্যে ২৫ জন কর্মকর্তাকে বিশেষ ভারপ্রাপ্ত করা হয়েছে। ১৯৭১ সালের পর এটা একটি বড় পদক্ষেপ। সরকারি চাকরি আইন ২০১৮ অনুযায়ী এই সিদ্ধান্ত নেওয়া হয়েছে।
রসায়নে নোবেল
প্রথম পাতার পর
২০২১ সালে সুইডেনের রাজধানী স্টকহোমে ছোট আকারের অনুষ্ঠান আয়োজনের মাধ্যমে নোবেলজয়ীদের নাম ঘোষণা করা হয়। সেই অনুষ্ঠানে ভার্চুয়ালি অংশ নেন বিজয়ীরা। রসায়নে নোবেল পুরস্কার প্রদান শুরু হয় ১৯০১ সালে। গত বছর বেঞ্জামিন লিস্ট ও ডেভিড ম্যাকমিলান এই পুরস্কার পেয়েছিলেন। ২০২১ সালে সুইডেনের রাজধানী স্টকহোমে ছোট আকারের অনুষ্ঠান আয়োজনের মাধ্যমে নোবেলজয়ীদের নাম ঘোষণা করা হয়। সেই অনুষ্ঠানে ভার্চুয়ালি অংশ নেন বিজয়ীরা। রসায়নে নোবেল পুরস্কার প্রদান শুরু হয় ১৯০১ সালে। গত বছর বেঞ্জামিন লিস্ট ও ডেভিড ম্যাকমিলান এই পুরস্কার পেয়েছিলেন। ২০২১ সালে সুইডেনের রাজধানী স্টকহোমে ছোট আকারের অনুষ্ঠান আয়োজনের মাধ্যমে নোবেলজয়ীদের নাম ঘোষণা করা হয়। সেই অনুষ্ঠানে ভার্চুয়ালি অংশ নেন বিজয়ীরা। রসায়নে নোবেল পুরস্কার প্রদান শুরু হয় ১৯০১ সালে। গত বছর বেঞ্জামিন লিস্ট ও ডেভিড ম্যাকমিলান এই পুরস্কার পেয়েছিলেন। ২০২১ সালে সুইডেনের রাজধানী স্টকহোমে ছোট আকারের অনুষ্ঠান আয়োজনের মাধ্যমে নোবেলজয়ীদের নাম ঘোষণা করা হয়। সেই অনুষ্ঠানে ভার্চুয়ালি অংশ নেন বিজয়ীরা। রসায়নে নোবেল পুরস্কার প্রদান শুরু হয় ১৯০১ সালে। গত বছর বেঞ্জামিন লিস্ট ও ডেভিড ম্যাকমিলান এই পুরস্কার পেয়েছিলেন। ২০২১ সালে সুইডেনের রাজধানী
বিদ্যুৎহীন রাতে
প্রথম পাতার পর
আর কায়ুম। এ ঘটনায় আহতরা হলেন ব্রাজন (২২), মো. কিরন (২৫), মো. হৃদয় (১৯), মো. সুমন (২৪), মো. আলাউদ্দিন (২৬), মো. জুয়েল (২৮), মো. হাসান (২০), জসিম (৩০), অমিত (১৯), মিরাজ (২৪), জুনায়েদ (২০)। আহতদের ঢাকা মেডিক্যাল কলেজ হাসপাতালে চিকিৎসা দেওয়া হচ্ছে। আর কায়ুম। এ ঘটনায় আহতরা হলেন ব্রাজন (২২), মো. কিরন (২৫), মো. হৃদয় (১৯), মো. সুমন (২৪), মো. আলাউদ্দিন (২৬), মো. জুয়েল (২৮), মো. হাসান (২০), জসিম (৩০), অমিত (১৯), মিরাজ (২৪), জুনায়েদ (২০)। আহতদের ঢাকা মেডিক্যাল কলেজ হাসপাতালে চিকিৎসা দেওয়া হচ্ছে। আর কায়ুম। এ ঘটনায় আহতরা হলেন ব্রাজন (২২), মো. কিরন (২৫), মো. হৃদয় (১৯), মো. সুমন (২৪), মো. আলাউদ্দিন (২৬), মো. জুয়েল (২৮), মো. হাসান (২০), জসিম (৩০), অমিত (১৯), মিরাজ (২৪), জুনায়েদ (২০)। আহতদের ঢাকা মেডিক্যাল কলেজ হাসপাতালে
বিদ্যুৎ বিপর্যয় যে
প্রথম পাতার পর
বিদ্যুৎ বিভাগের সচিব বলেন, জাতীয় গ্রিডে বিপর্যয়ের কারণ খুঁজে বের করতে তদন্ত কমিটি গঠন করা হয়েছে। দেশের বেশিরভাগ এলাকায় বিদ্যুৎ সরবরাহ স্বাভাবিক হয়েছে। ২০১৪ সালের পর এটি সবচেয়ে বড় বিপর্যয়। বিদ্যুৎ বিভাগের সচিব বলেন, জাতীয় গ্রিডে বিপর্যয়ের কারণ খুঁজে বের করতে তদন্ত কমিটি গঠন করা হয়েছে। দেশের বেশিরভাগ এলাকায় বিদ্যুৎ সরবরাহ স্বাভাবিক হয়েছে। ২০১৪ সালের পর এটি সবচেয়ে বড় বিপর্যয়। বিদ্যুৎ বিভাগের সচিব বলেন, জাতীয় গ্রিডে বিপর্যয়ের কারণ খুঁজে বের করতে তদন্ত কমিটি গঠন করা হয়েছে। দেশের বেশিরভাগ এলাকায় বিদ্যুৎ সরবরাহ স্বাভাবিক হয়েছে। ২০১৪ সালের পর এটি সবচেয়ে বড় বিপর্যয়। বিদ্যুৎ বিভাগের সচিব বলেন, জাতীয় গ্রিডে বিপর্যয়ের কারণ খুঁজে বের করতে তদন্ত কমিটি গঠন করা হয়েছে। দেশের বেশিরভাগ এলাকায় বিদ্যুৎ
প্রধানমন্ত্রী সংবাদ
প্রথম পাতার পর
বিশ্বের মধ্যে অন্যতম ক্ষুদ্র জাতি। তিনি বলেন, বাংলাদেশের উন্নয়ন বিশ্বে রোল মডেল। প্রধানমন্ত্রী শেখ হাসিনা গণভবন থেকে ভার্চুয়ালি যুক্ত হয়ে এসব কথা বলেন। দেশের মানুষের জন্য আমরা কাজ করে যাচ্ছি। বিশ্বের মধ্যে অন্যতম ক্ষুদ্র জাতি। তিনি বলেন, বাংলাদেশের উন্নয়ন বিশ্বে রোল মডেল। প্রধানমন্ত্রী শেখ হাসিনা গণভবন থেকে ভার্চুয়ালি যুক্ত হয়ে এসব কথা বলেন। দেশের মানুষের জন্য আমরা কাজ করে যাচ্ছি। বিশ্বের মধ্যে অন্যতম ক্ষুদ্র জাতি। তিনি বলেন, বাংলাদেশের উন্নয়ন বিশ্বে রোল মডেল। প্রধানমন্ত্রী শেখ হাসিনা গণভবন থেকে ভার্চুয়ালি যুক্ত হয়ে এসব কথা বলেন। দেশের মানুষের জন্য আমরা কাজ করে যাচ্ছি। বিশ্বের মধ্যে অন্যতম ক্ষুদ্র জাতি। তিনি বলেন, বাংলাদেশের উন্নয়ন বিশ্বে রোল মডেল। প্রধানমন্ত্রী শেখ হাসিনা গণভবন থেকে ভার্চুয়ালি যুক্ত হয়ে এসব কথা বলেন। দেশের মানুষের জন্য আমরা কাজ করে যাচ্ছি। বিশ্বের মধ্যে অন্যতম ক্ষুদ্র জাতি। তিনি বলেন, বাংলাদেশের উন্নয়ন বিশ্বে রোল মডেল। প্রধানমন্ত্রী শেখ হাসিনা গণভবন থেকে ভার্চুয়ালি যুক্ত হয়ে এসব কথা বলেন। দেশের মানুষের জন্য আমরা কাজ
কাল থেকে ২২
প্রথম পাতার পর
কার্যকর থাকবে। এ সময়ের মধ্যে ইলিশ আহরণ ও ক্রয়-বিক্রয় নিষিদ্ধ করেছে মৎস্য ও প্রাণিসম্পদ মন্ত্রণালয়। এর আগে গত ১৫ সেপ্টেম্বর মৎস্য অধিদপ্তরে মন্ত্রী শ ম রেজাউল করিমের সভাপতিত্বে অনুষ্ঠিত ইলিশ সম্পদ উন্নয়ন সংক্রান্ত জাতীয় টাস্কফোর্স কমিটির সভায় এ সিদ্ধান্ত নেওয়া হয়। কার্যকর থাকবে। এ সময়ের মধ্যে ইলিশ আহরণ ও ক্রয়-বিক্রয় নিষিদ্ধ করেছে মৎস্য ও প্রাণিসম্পদ মন্ত্রণালয়। এর আগে গত ১৫ সেপ্টেম্বর মৎস্য অধিদপ্তরে মন্ত্রী শ ম রেজাউল করিমের সভাপতিত্বে অনুষ্ঠিত ইলিশ সম্পদ উন্নয়ন সংক্রান্ত জাতীয় টাস্কফোর্স কমিটির সভায় এ সিদ্ধান্ত নেওয়া হয়। কার্যকর থাকবে। এ সময়ের মধ্যে ইলিশ আহরণ ও ক্রয়-বিক্রয় নিষিদ্ধ করেছে মৎস্য ও প্রাণিসম্পদ মন্ত্রণালয়। এর আগে গত ১৫ সেপ্টেম্বর মৎস্য অধিদপ্তরে মন্ত্রী শ ম রেজাউল করিমের সভাপতিত্বে অনুষ্ঠিত ইলিশ সম্পদ উন্নয়ন সংক্রান্ত জাতীয় টাস্কফোর্স কমিটির সভায় এ সিদ্ধান্ত নেওয়া হয়। কার্যকর থাকবে। এ সময়ের মধ্যে ইলিশ আহরণ ও ক্রয়-বিক্রয় নিষিদ্ধ করেছে মৎস্য ও প্রাণিসম্পদ মন্ত্রণালয়। এর আগে গত ১৫ সেপ্টেম্বর মৎস্য অধিদপ্তরে মন্ত্রী শ ম রেজাউল করিমের সভাপতিত্বে অনুষ্ঠিত ইলিশ সম্পদ উন্নয়ন সংক্রান্ত জাতীয় টাস্কফোর্স কমিটির সভায় এ সিদ্ধান্ত নেওয়া হয়। কার্যকর
'ধাক্কা দিলি ক্যান' ছিনতাই
প্রথম পাতার পর
দল আছে। তারা রাতে বিভিন্ন সড়কে বিভিন্ন এলাকায় আড্ডা দেন। কোনো পথচারীকে একা পেলে তার সঙ্গে একজন পরিকল্পিতভাবে ধাক্কা দেন। এরপর 'আমাকে ধাক্কা দিলি ক্যান' বলে ঝগড়া শুরু করেন। পরে অন্যরা এসে মারধর করে সঙ্গে থাকা টাকা ও মোবাইল ফোন ছিনিয়ে নেন। পুলিশ জানায়, চক্রটির কয়েকজন সদস্যকে গ্রেপ্তার করা হয়েছে। দল আছে। তারা রাতে বিভিন্ন সড়কে বিভিন্ন এলাকায় আড্ডা দেন। কোনো পথচারীকে একা পেলে তার সঙ্গে একজন পরিকল্পিতভাবে ধাক্কা দেন। এরপর 'আমাকে ধাক্কা দিলি ক্যান' বলে ঝগড়া শুরু করেন। পরে অন্যরা এসে মারধর করে সঙ্গে থাকা টাকা ও মোবাইল ফোন ছিনিয়ে নেন। পুলিশ জানায়, চক্রটির কয়েকজন সদস্যকে গ্রেপ্তার করা হয়েছে। দল আছে। তারা রাতে বিভিন্ন সড়কে বিভিন্ন এলাকায় আড্ডা দেন। কোনো পথচারীকে একা পেলে তার সঙ্গে একজন পরিকল্পিতভাবে ধাক্কা দেন। এরপর 'আমাকে ধাক্কা দিলি ক্যান' বলে ঝগড়া শুরু করেন। পরে অন্যরা এসে মারধর করে সঙ্গে থাকা টাকা ও মোবাইল ফোন ছিনিয়ে নেন। পুলিশ জানায়, চক্রটির কয়েকজন সদস্যকে গ্রেপ্তার করা হয়েছে। দল আছে। তারা রাতে বিভিন্ন সড়কে বিভিন্ন এলাকায় আড্ডা দেন। কোনো পথচারীকে একা পেলে তার সঙ্গে একজন পরিকল্পিতভাবে ধাক্কা দেন। এরপর 'আমাকে ধাক্কা দিলি ক্যান' বলে ঝগড়া শুরু করেন। পরে অন্যরা এসে মারধর করে সঙ্গে থাকা টাকা ও মোবাইল ফোন ছিনিয়ে নেন। পুলিশ জানায়, চক্রটির কয়েকজন সদস্যকে গ্রেপ্তার করা হয়েছে। দল আছে। তারা রাতে বিভিন্ন সড়কে বিভিন্ন এলাকায় আড্ডা দেন। কোনো পথচারীকে একা পেলে তার সঙ্গে একজন পরিকল্পিতভাবে ধাক্কা দেন। এরপর 'আমাকে ধাক্কা দিলি ক্যান' বলে ঝগড়া শুরু করেন। পরে অন্যরা এসে মারধর করে সঙ্গে থাকা টাকা ও মোবাইল ফোন ছিনিয়ে নেন। পুলিশ জানায়, চক্রটির কয়েকজন সদস্যকে গ্রেপ্তার করা হয়েছে। দল আছে। তারা রাতে বিভিন্ন সড়কে বিভিন্ন এলাকায় আড্ডা দেন। কোনো পথচারীকে একা পেলে তার সঙ্গে একজন পরিকল্পিতভাবে ধাক্কা দেন। এরপর 'আমাকে ধাক্কা দিলি ক্যান' বলে ঝগড়া শুরু করেন। পরে অন্যরা এসে মারধর করে সঙ্গে থাকা টাকা ও মোবাইল ফোন ছিনিয়ে নেন। পুলিশ জানায়, চক্রটির কয়েকজন সদস্যকে গ্রেপ্তার করা হয়েছে। দল আছে। তারা রাতে বিভিন্ন সড়কে বিভিন্ন এলাকায় আড্ডা দেন। কোনো পথচারীকে একা পেলে তার সঙ্গে একজন পরিকল্পিতভাবে ধাক্কা দেন। এরপর 'আমাকে ধাক্কা দিলি ক্যান' বলে ঝগড়া শুরু করেন। পরে অন্যরা এসে মারধর করে সঙ্গে থাকা টাকা ও মোবাইল ফোন ছিনিয়ে নেন। পুলিশ জানায়, চক্রটির কয়েকজন সদস্যকে গ্রেপ্তার করা হয়েছে। দল আছে। তারা রাতে বিভিন্ন সড়কে বিভিন্ন এলাকায় আড্ডা দেন। কোনো পথচারীকে একা পেলে তার সঙ্গে একজন পরিকল্পিতভাবে ধাক্কা দেন। এরপর 'আমাকে ধাক্কা দিলি ক্যান' বলে ঝগড়া শুরু করেন। পরে অন্যরা এসে মারধর করে সঙ্গে থাকা টাকা ও মোবাইল ফোন ছিনিয়ে নেন। পুলিশ জানায়, চক্রটির কয়েকজন সদস্যকে গ্রেপ্তার করা হয়েছে। দল আছে। তারা রাতে বিভিন্ন সড়কে বিভিন্ন এলাকায় আড্ডা দেন। কোনো
ডিসেম্বরে ফিরবেন
প্রথম পাতার পর
স্ত্রী, সন্তান, মা-বাবাআত্মীয়-স্বজনসহ কাউকে কাছে ছাড়া ভারী হয়। উচ্চতর শিক্ষার্থী পরিবেশ। দুর্ভাগ্য আমি স্ত্রীর সঙ্গে দেখা করতে পারিনি। তিনি আরও বলেন, ডিসেম্বরে দেশে ফিরবেন বলে আশা করছেন। স্ত্রী, সন্তান, মা-বাবাআত্মীয়-স্বজনসহ কাউকে কাছে ছাড়া ভারী হয়। উচ্চতর শিক্ষার্থী পরিবেশ। দুর্ভাগ্য আমি স্ত্রীর সঙ্গে দেখা করতে পারিনি। তিনি আরও বলেন, ডিসেম্বরে দেশে ফিরবেন বলে আশা করছেন। স্ত্রী, সন্তান, মা-বাবাআত্মীয়-স্বজনসহ কাউকে কাছে ছাড়া ভারী হয়। উচ্চতর শিক্ষার্থী পরিবেশ। দুর্ভাগ্য আমি স্ত্রীর সঙ্গে দেখা করতে পারিনি। তিনি আরও বলেন, ডিসেম্বরে দেশে ফিরবেন বলে আশা করছেন। স্ত্রী, সন্তান, মা-বাবাআত্মীয়-স্বজনসহ কাউকে কাছে ছাড়া ভারী হয়। উচ্চতর শিক্ষার্থী পরিবেশ। দুর্ভাগ্য আমি স্ত্রীর সঙ্গে দেখা করতে পারিনি। তিনি আরও বলেন, ডিসেম্বরে দেশে ফিরবেন বলে আশা করছেন। স্ত্রী, সন্তান, মা-বাবাআত্মীয়-স্বজনসহ কাউকে কাছে ছাড়া ভারী হয়। উচ্চতর শিক্ষার্থী পরিবেশ। দুর্ভাগ্য আমি স্ত্রীর সঙ্গে দেখা করতে পারিনি। তিনি আরও বলেন, ডিসেম্বরে দেশে ফিরবেন বলে আশা করছেন। স্ত্রী, সন্তান, মা-বাবাআত্মীয়-স্বজনসহ কাউকে কাছে ছাড়া
শরীফকে হারিয়ে মা
প্রথম পাতার পর
বলেছিল আর দুই মাস পর আসবে। দেশে এসে বাড়ি-ঘরকরতা করবে। ছেলেকে হারিয়ে মা এখন পাগলপ্রায়। প্রতিবেশীরা জানান, শরীফ ছিল পরিবারের একমাত্র উপার্জনক্ষম ব্যক্তি। বলেছিল আর দুই মাস পর আসবে। দেশে এসে বাড়ি-ঘরকরতা করবে। ছেলেকে হারিয়ে মা এখন পাগলপ্রায়। প্রতিবেশীরা জানান, শরীফ ছিল পরিবারের একমাত্র উপার্জনক্ষম ব্যক্তি। বলেছিল আর দুই মাস পর আসবে। দেশে এসে বাড়ি-ঘরকরতা করবে। ছেলেকে হারিয়ে মা এখন পাগলপ্রায়। প্রতিবেশীরা জানান, শরীফ ছিল পরিবারের একমাত্র উপার্জনক্ষম ব্যক্তি। বলেছিল আর দুই মাস পর আসবে। দেশে এসে বাড়ি-ঘরকরতা করবে। ছেলেকে হারিয়ে মা এখন পাগলপ্রায়। প্রতিবেশীরা জানান, শরীফ ছিল পরিবারের একমাত্র উপার্জনক্ষম ব্যক্তি। বলেছিল আর দুই মাস পর আসবে। দেশে এসে
বিচারের আহ্বান জাতিসংঘ
প্রথম পাতার পর
তিনি পরিস্থিতির বিষয়ে উদ্বেগ প্রকাশ করেছেন। তিনি বলেন, মানবাধিকার লঙ্ঘনের ঘটনায় জড়িতদের বিচারের আওতায় আনতে হবে। জাতিসংঘ মানবাধিকার কাউন্সিলে এ বিষয়ে আলোচনা হয়েছে। তিনি পরিস্থিতির বিষয়ে উদ্বেগ প্রকাশ করেছেন। তিনি বলেন, মানবাধিকার লঙ্ঘনের ঘটনায় জড়িতদের বিচারের আওতায় আনতে হবে। জাতিসংঘ মানবাধিকার কাউন্সিলে এ বিষয়ে আলোচনা হয়েছে। তিনি পরিস্থিতির বিষয়ে উদ্বেগ প্রকাশ করেছেন। তিনি বলেন, মানবাধিকার লঙ্ঘনের ঘটনায় জড়িতদের বিচারের আওতায় আনতে হবে। জাতিসংঘ মানবাধিকার কাউন্সিলে এ বিষয়ে আলোচনা হয়েছে। তিনি পরিস্থিতির বিষয়ে উদ্বেগ প্রকাশ করেছেন। তিনি বলেন, মানবাধিকার লঙ্ঘনের ঘটনায় জড়িতদের বিচারের আওতায় আনতে হবে। জাতিসংঘ মানবাধিকার কাউন্সিলে এ বিষয়ে আলোচনা হয়েছে। তিনি পরিস্থিতির বিষয়ে উদ্বেগ প্রকাশ করেছেন। তিনি বলেন, মানবাধিকার লঙ্ঘনের ঘটনায় জড়িতদের বিচারের আওতায় আনতে হবে। জাতিসংঘ মানবাধিকার কাউন্সিলে এ বিষয়ে আলোচনা
গ্রিডে বিপর্যয় বিদ্যুৎখাতে
প্রথম পাতার পর
লোডশেডিং কমিয়ে আনতে হবে। দেশের বিভিন্ন স্থানে বিদ্যুৎ বিপর্যয়ে জনজীবন স্থবির হয়ে পড়েছে। বিশেষজ্ঞরা বলছেন, গ্রিড ব্যবস্থাপনায় আধুনিকায়ন প্রয়োজন। সঞ্চালন লাইনের দুর্বলতা দূর করতে হবে। লোডশেডিং কমিয়ে আনতে হবে। দেশের বিভিন্ন স্থানে বিদ্যুৎ বিপর্যয়ে জনজীবন স্থবির হয়ে পড়েছে। বিশেষজ্ঞরা বলছেন, গ্রিড ব্যবস্থাপনায় আধুনিকায়ন প্রয়োজন। সঞ্চালন লাইনের দুর্বলতা দূর করতে হবে। লোডশেডিং কমিয়ে আনতে হবে। দেশের বিভিন্ন স্থানে বিদ্যুৎ বিপর্যয়ে জনজীবন স্থবির হয়ে পড়েছে। বিশেষজ্ঞরা বলছেন, গ্রিড ব্যবস্থাপনায় আধুনিকায়ন প্রয়োজন। সঞ্চালন লাইনের দুর্বলতা দূর করতে হবে। লোডশেডিং কমিয়ে আনতে হবে। দেশের বিভিন্ন স্থানে বিদ্যুৎ বিপর্যয়ে জনজীবন স্থবির হয়ে পড়েছে। বিশেষজ্ঞরা বলছেন, গ্রিড ব্যবস্থাপনায় আধুনিকায়ন প্রয়োজন। সঞ্চালন লাইনের দুর্বলতা দূর করতে হবে। লোডশেডিং কমিয়ে আনতে হবে। দেশের বিভিন্ন স্থানে বিদ্যুৎ বিপর্যয়ে জনজীবন স্থবির হয়ে পড়েছে। বিশেষজ্ঞরা বলছেন, গ্রিড ব্যবস্থাপনায় আধুনিকায়ন প্রয়োজন। সঞ্চালন লাইনের দুর্বলতা দূর করতে হবে। লোডশেডিং কমিয়ে আনতে হবে। দেশের বিভিন্ন স্থানে বিদ্যুৎ বিপর্যয়ে জনজীবন স্থবির হয়ে পড়েছে। বিশেষজ্ঞরা বলছেন, গ্রিড ব্যবস্থাপনায় আধুনিকায়ন প্রয়োজন। সঞ্চালন লাইনের দুর্বলতা দূর করতে হবে। লোডশেডিং কমিয়ে আনতে হবে। দেশের বিভিন্ন স্থানে বিদ্যুৎ বিপর্যয়ে জনজীবন স্থবির হয়ে পড়েছে। বিশেষজ্ঞরা বলছেন, গ্রিড ব্যবস্থাপনায় আধুনিকায়ন প্রয়োজন। সঞ্চালন লাইনের দুর্বলতা দূর করতে হবে। লোডশেডিং কমিয়ে আনতে হবে। দেশের বিভিন্ন স্থানে বিদ্যুৎ বিপর্যয়ে জনজীবন স্থবির হয়ে পড়েছে। বিশেষজ্ঞরা বলছেন, গ্রিড ব্যবস্থাপনায় আধুনিকায়ন প্রয়োজন। সঞ্চালন লাইনের দুর্বলতা দূর করতে হবে। লোডশেডিং কমিয়ে আনতে হবে। দেশের বিভিন্ন স্থানে বিদ্যুৎ বিপর্যয়ে জনজীবন স্থবির হয়ে পড়েছে। বিশেষজ্ঞরা বলছেন, গ্রিড ব্যবস্থাপনায় আধুনিকায়ন প্রয়োজন। সঞ্চালন লাইনের দুর্বলতা দূর করতে হবে। লোডশেডিং কমিয়ে আনতে হবে। দেশের বিভিন্ন স্থানে বিদ্যুৎ বিপর্যয়ে জনজীবন স্থবির হয়ে পড়েছে। বিশেষজ্ঞরা বলছেন, গ্রিড ব্যবস্থাপনায় আধুনিকায়ন প্রয়োজন। সঞ্চালন লাইনের দুর্বলতা দূর করতে হবে। লোডশেডিং কমিয়ে আনতে হবে। দেশের বিভিন্ন স্থানে বিদ্যুৎ বিপর্যয়ে জনজীবন স্থবির হয়ে পড়েছে। বিশেষজ্ঞরা বলছেন, গ্রিড ব্যবস্থাপনায় আধুনিকায়ন প্রয়োজন। সঞ্চালন লাইনের দুর্বলতা দূর করতে হবে। লোডশেডিং কমিয়ে আনতে হবে। দেশের বিভিন্ন স্থানে বিদ্যুৎ বিপর্যয়ে জনজীবন স্থবির হয়ে পড়েছে। বিশেষজ্ঞরা বলছেন, গ্রিড ব্যবস্থাপনায় আধুনিকায়ন প্রয়োজন। সঞ্চালন লাইনের দুর্বলতা দূর করতে হবে।
হতাশাময় যৌন জীবনে চিরস্থায়ী আশা
বয়স্ক হবে যুবকের ন্যায় রবে ভালবাসা
সরাসরি কথা বলুন- প্রফেসর আর.কে. ধর চৌধুরী (যৌন রোগ বিশেষজ্ঞ) (স্বর্ণপদকপ্রাপ্ত)
World Famous "হ্যাশমে জোয়ানী" ইহা সেবন মাত্রই অক্ষম, দুর্বল, হতাশ ও বলবীর্যহীন পুরুষকে করে সিংহের মত শক্তিশালী। মিলনে ৩০-৩৫ মিনিট স্থায়ীত্ব এবং বারবার মিলনের আকাঙ্ক্ষা বৃদ্ধির মাধ্যমে পুরুষকে নারীর কাছে আরো আকর্ষণীয় করে তুলে। পার্শ্ব প্রতিক্রিয়ামুক্ত। মূল্যঃ ৮৫০/- (এক ফাইলেই যথেষ্ট)।
স্বপ্ন নয়, সত্যি "নিগ্রো স্পেন্ডা" ব্যবহার আসলেই ৭ দিনে বিশেষাঙ্গ বড় করা সম্ভব
ইহা ব্যবহারে বিশেষাঙ্গ হবে বড়, লম্বা, শক্ত। ইহা H.T.H ও H.A.B হরমোন বৃদ্ধির মাধ্যমে প্যানেল টিস্যু ও বিশেষাঙ্গের মাংসপেশীকে উজ্জীবিত করে প্রবল চাপ সৃষ্টি করে ৯০% রক্ত জমাট করে এবং গোপনাঙ্গ ৬-৮ ইঞ্চি বড়, ২-৩ ইঞ্চি মোটা, লম্বা করে। ব্যবহারের সাথে সাথেই রেজাল্ট। মূল্যঃ ৭৫০/-
আর.কে. প্লাজা, পাঁচলাইশ, চট্টগ্রাম। ভিপি ও পার্সেল যোগে ঔষধ পাঠানো হয়।	০১৭২১৫৯৫৪৬৫
